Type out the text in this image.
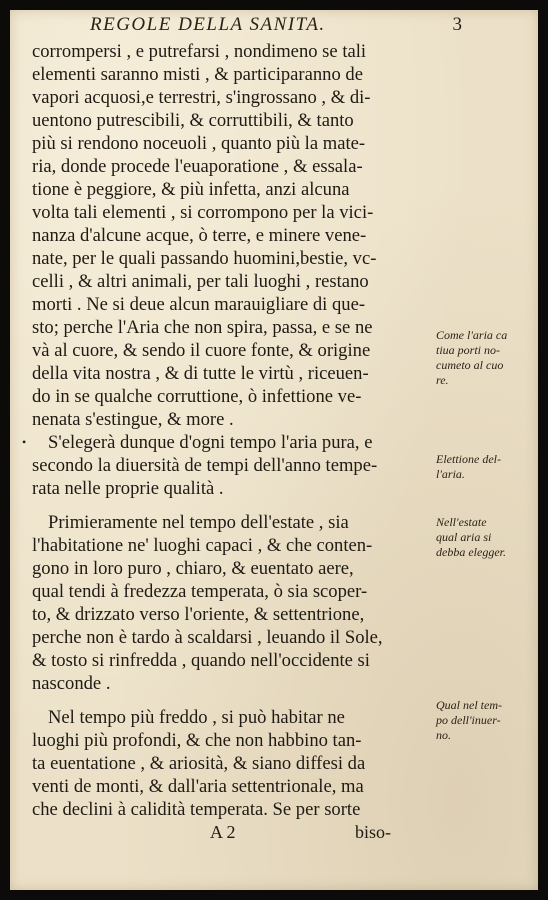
REGOLE DELLA SANITA.	3
corrompersi , e putrefarsi , nondimeno se tali
elementi saranno misti , & participaranno de
vapori acquosi,e terrestri, s'ingrossano , & di-
uentono putrescibili, & corruttibili, & tanto
più si rendono noceuoli , quanto più la mate-
ria, donde procede l'euaporatione , & essala-
tione è peggiore, & più infetta, anzi alcuna
volta tali elementi , si corrompono per la vici-
nanza d'alcune acque, ò terre, e minere vene-
nate, per le quali passando huomini,bestie, vc-
celli , & altri animali, per tali luoghi , restano
morti . Ne si deue alcun marauigliare di que-
sto; perche l'Aria che non spira, passa, e se ne
và al cuore, & sendo il cuore fonte, & origine
della vita nostra , & di tutte le virtù , riceuen-
do in se qualche corruttione, ò infettione ve-
nenata s'estingue, & more .
• S'elegerà dunque d'ogni tempo l'aria pura, e
secondo la diuersità de tempi dell'anno tempe-
rata nelle proprie qualità .
Primieramente nel tempo dell'estate , sia
l'habitatione ne' luoghi capaci , & che conten-
gono in loro puro , chiaro, & euentato aere,
qual tendi à fredezza temperata, ò sia scoper-
to, & drizzato verso l'oriente, & settentrione,
perche non è tardo à scaldarsi , leuando il Sole,
& tosto si rinfredda , quando nell'occidente si
nasconde .
Nel tempo più freddo , si può habitar ne
luoghi più profondi, & che non habbino tan-
ta euentatione , & ariosità, & siano diffesi da
venti de monti, & dall'aria settentrionale, ma
che declini à calidità temperata. Se per sorte
Come l'aria ca
tiua porti no-
cumeto al cuo
re.
Elettione del-
l'aria.
Nell'estate
qual aria si
debba elegger.
Qual nel tem-
po dell'inuer-
no.
A 2	biso-
